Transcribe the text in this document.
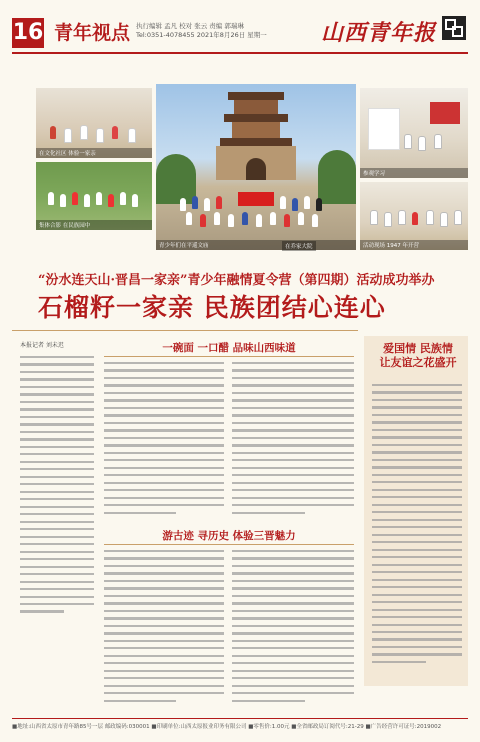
16 青年视点 执行编辑 孟凡 校对 张云 责编 郭瑞琳
Tel:0351-4078455 2021年8月26日 星期一 山西青年报
在文化社区 体验一家亲
集体合影 在民族园中
青少年们在平遥文庙
参观学习
活动现场 1947 年开营
在乔家大院
“汾水连天山·晋昌一家亲”青少年融情夏令营（第四期）活动成功举办
石榴籽一家亲 民族团结心连心
本报记者 刘未迟	一碗面 一口醋 品味山西味道
游古迹 寻历史 体验三晋魅力
爱国情 民族情 让友谊之花盛开
■地址:山西省太原市青年路85号一层 邮政编码:030001 ■印刷单位:山西太原报业印务有限公司 ■零售价:1.00元 ■全省邮政局订阅代号:21-29 ■广告经营许可证号:2019002
